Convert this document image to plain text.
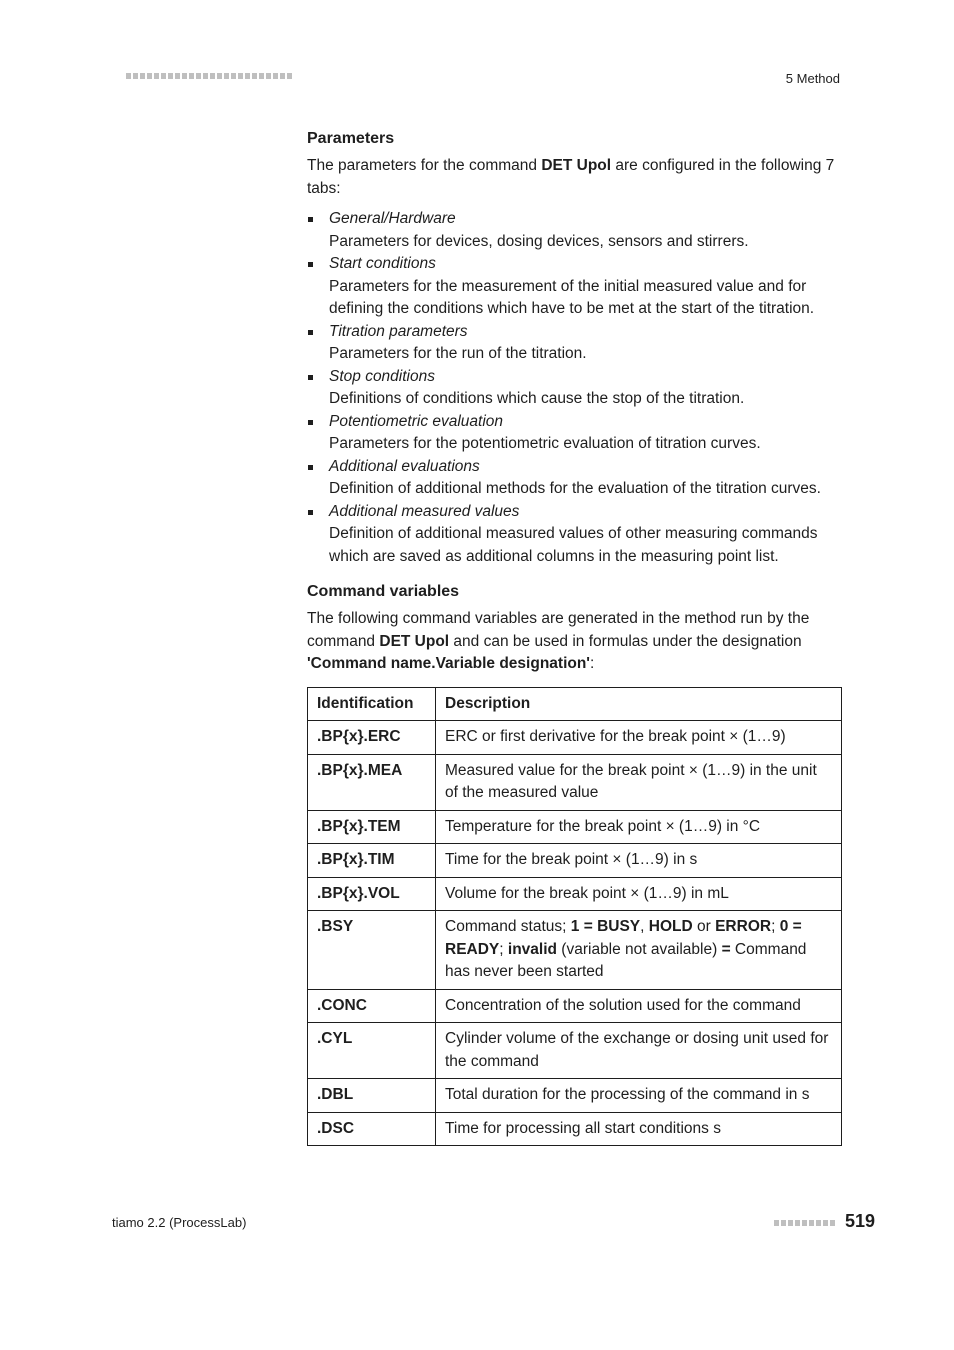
5 Method
Parameters

The parameters for the command DET Upol are configured in the following 7 tabs:

General/Hardware
Parameters for devices, dosing devices, sensors and stirrers.
Start conditions
Parameters for the measurement of the initial measured value and for defining the conditions which have to be met at the start of the titration.
Titration parameters
Parameters for the run of the titration.
Stop conditions
Definitions of conditions which cause the stop of the titration.
Potentiometric evaluation
Parameters for the potentiometric evaluation of titration curves.
Additional evaluations
Definition of additional methods for the evaluation of the titration curves.
Additional measured values
Definition of additional measured values of other measuring commands which are saved as additional columns in the measuring point list.
Command variables

The following command variables are generated in the method run by the command DET Upol and can be used in formulas under the designation 'Command name.Variable designation':

Identification	Description
.BP{x}.ERC	ERC or first derivative for the break point × (1…9)
.BP{x}.MEA	Measured value for the break point × (1…9) in the unit of the measured value
.BP{x}.TEM	Temperature for the break point × (1…9) in °C
.BP{x}.TIM	Time for the break point × (1…9) in s
.BP{x}.VOL	Volume for the break point × (1…9) in mL
.BSY	Command status; 1 = BUSY, HOLD or ERROR; 0 = READY; invalid (variable not available) = Command has never been started
.CONC	Concentration of the solution used for the command
.CYL	Cylinder volume of the exchange or dosing unit used for the command
.DBL	Total duration for the processing of the command in s
.DSC	Time for processing all start conditions s
tiamo 2.2 (ProcessLab)	519
